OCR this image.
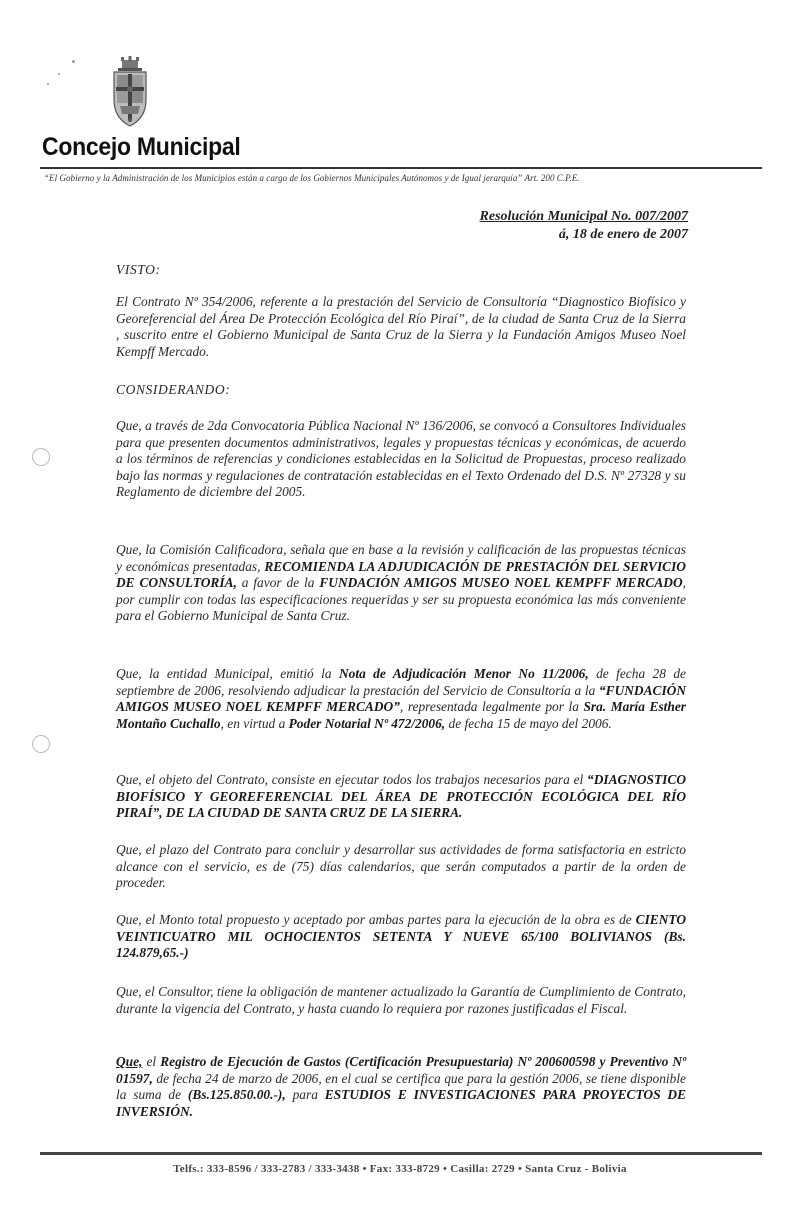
Concejo Municipal
“El Gobierno y la Administración de los Municipios están a cargo de los Gobiernos Municipales Autónomos y de Igual jerarquía” Art. 200 C.P.E.
Resolución Municipal No. 007/2007
á, 18 de enero de 2007
VISTO:
El Contrato Nº 354/2006, referente a la prestación del Servicio de Consultoría “Diagnostico Biofísico y Georeferencial del Área De Protección Ecológica del Río Piraí”, de la ciudad de Santa Cruz de la Sierra , suscrito entre el Gobierno Municipal de Santa Cruz de la Sierra y la Fundación Amigos Museo Noel Kempff Mercado.
CONSIDERANDO:
Que, a través de 2da Convocatoria Pública Nacional Nº 136/2006, se convocó a Consultores Individuales para que presenten documentos administrativos, legales y propuestas técnicas y económicas, de acuerdo a los términos de referencias y condiciones establecidas en la Solicitud de Propuestas, proceso realizado bajo las normas y regulaciones de contratación establecidas en el Texto Ordenado del D.S. Nº 27328 y su Reglamento de diciembre del 2005.
Que, la Comisión Calificadora, señala que en base a la revisión y calificación de las propuestas técnicas y económicas presentadas, RECOMIENDA LA ADJUDICACIÓN DE PRESTACIÓN DEL SERVICIO DE CONSULTORÍA, a favor de la FUNDACIÓN AMIGOS MUSEO NOEL KEMPFF MERCADO, por cumplir con todas las especificaciones requeridas y ser su propuesta económica las más conveniente para el Gobierno Municipal de Santa Cruz.
Que, la entidad Municipal, emitió la Nota de Adjudicación Menor No 11/2006, de fecha 28 de septiembre de 2006, resolviendo adjudicar la prestación del Servicio de Consultoría a la “FUNDACIÓN AMIGOS MUSEO NOEL KEMPFF MERCADO”, representada legalmente por la Sra. María Esther Montaño Cuchallo, en virtud a Poder Notarial Nº 472/2006, de fecha 15 de mayo del 2006.
Que, el objeto del Contrato, consiste en ejecutar todos los trabajos necesarios para el “DIAGNOSTICO BIOFÍSICO Y GEOREFERENCIAL DEL ÁREA DE PROTECCIÓN ECOLÓGICA DEL RÍO PIRAÍ”, DE LA CIUDAD DE SANTA CRUZ DE LA SIERRA.
Que, el plazo del Contrato para concluir y desarrollar sus actividades de forma satisfactoria en estricto alcance con el servicio, es de (75) días calendarios, que serán computados a partir de la orden de proceder.
Que, el Monto total propuesto y aceptado por ambas partes para la ejecución de la obra es de CIENTO VEINTICUATRO MIL OCHOCIENTOS SETENTA Y NUEVE 65/100 BOLIVIANOS (Bs. 124.879,65.-)
Que, el Consultor, tiene la obligación de mantener actualizado la Garantía de Cumplimiento de Contrato, durante la vigencia del Contrato, y hasta cuando lo requiera por razones justificadas el Fiscal.
Que, el Registro de Ejecución de Gastos (Certificación Presupuestaria) Nº 200600598 y Preventivo Nº 01597, de fecha 24 de marzo de 2006, en el cual se certifica que para la gestión 2006, se tiene disponible la suma de (Bs.125.850.00.-), para ESTUDIOS E INVESTIGACIONES PARA PROYECTOS DE INVERSIÓN.
Telfs.: 333-8596 / 333-2783 / 333-3438 • Fax: 333-8729 • Casilla: 2729 • Santa Cruz - Bolivia
